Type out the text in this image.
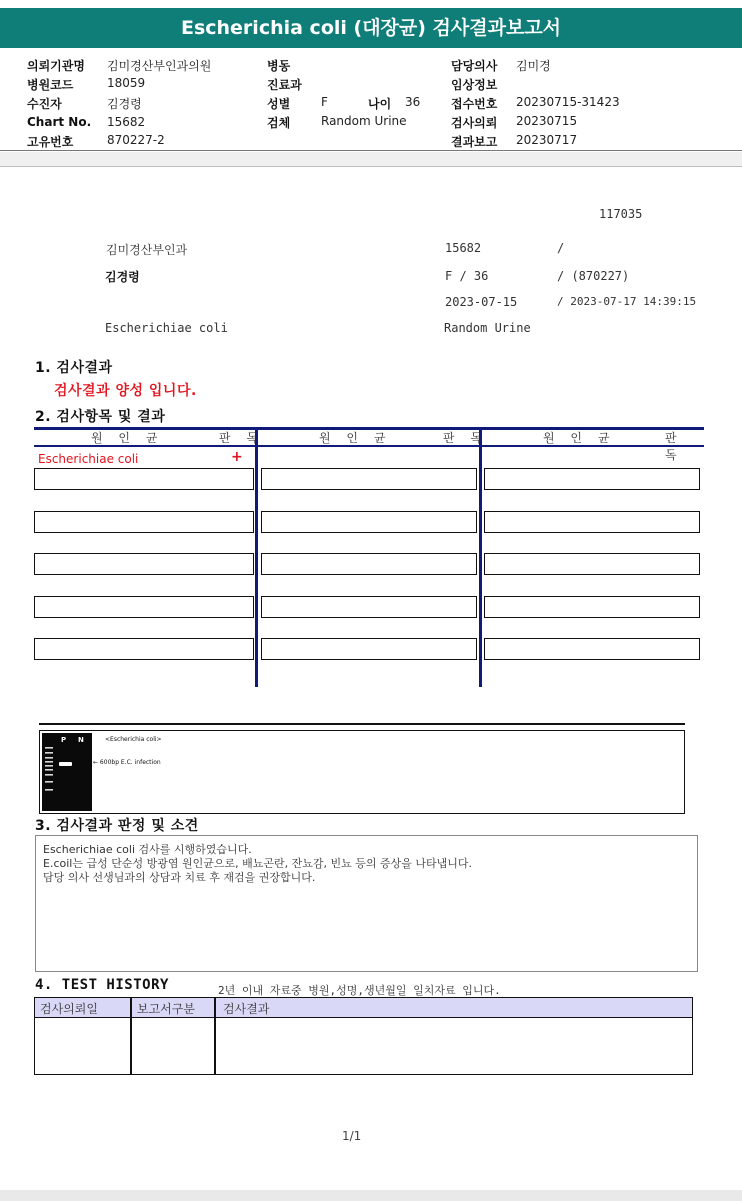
Escherichia coli (대장균) 검사결과보고서
의뢰기관명 김미경산부인과의원
병원코드	18059
수진자	김경령
Chart No. 15682
고유번호	870227-2
병동
진료과
성별	F	나이 36
검체	Random Urine
담당의사 김미경
임상정보
접수번호 20230715-31423
검사의뢰 20230715
결과보고 20230717
117035
김미경산부인과	15682	/
김경령	F / 36	/ (870227)
2023-07-15	/ 2023-07-17 14:39:15
Escherichiae coli	Random Urine
1. 검사결과
검사결과 양성 입니다.
2. 검사항목 및 결과
원 인 균	판 독	원 인 균	판 독	원 인 균	판 독
Escherichiae coli	+
P N	<Escherichia coli>
← 600bp E.C. infection
3. 검사결과 판정 및 소견
Escherichiae coli 검사를 시행하였습니다.
E.coil는 급성 단순성 방광염 원인균으로, 배뇨곤란, 잔뇨감, 빈뇨 등의 증상을 나타냅니다.
담당 의사 선생님과의 상담과 치료 후 재검을 권장합니다.
4. TEST HISTORY	2년 이내 자료중 병원,성명,생년월일 일치자료 입니다.
검사의뢰일	보고서구분 검사결과
1/1
